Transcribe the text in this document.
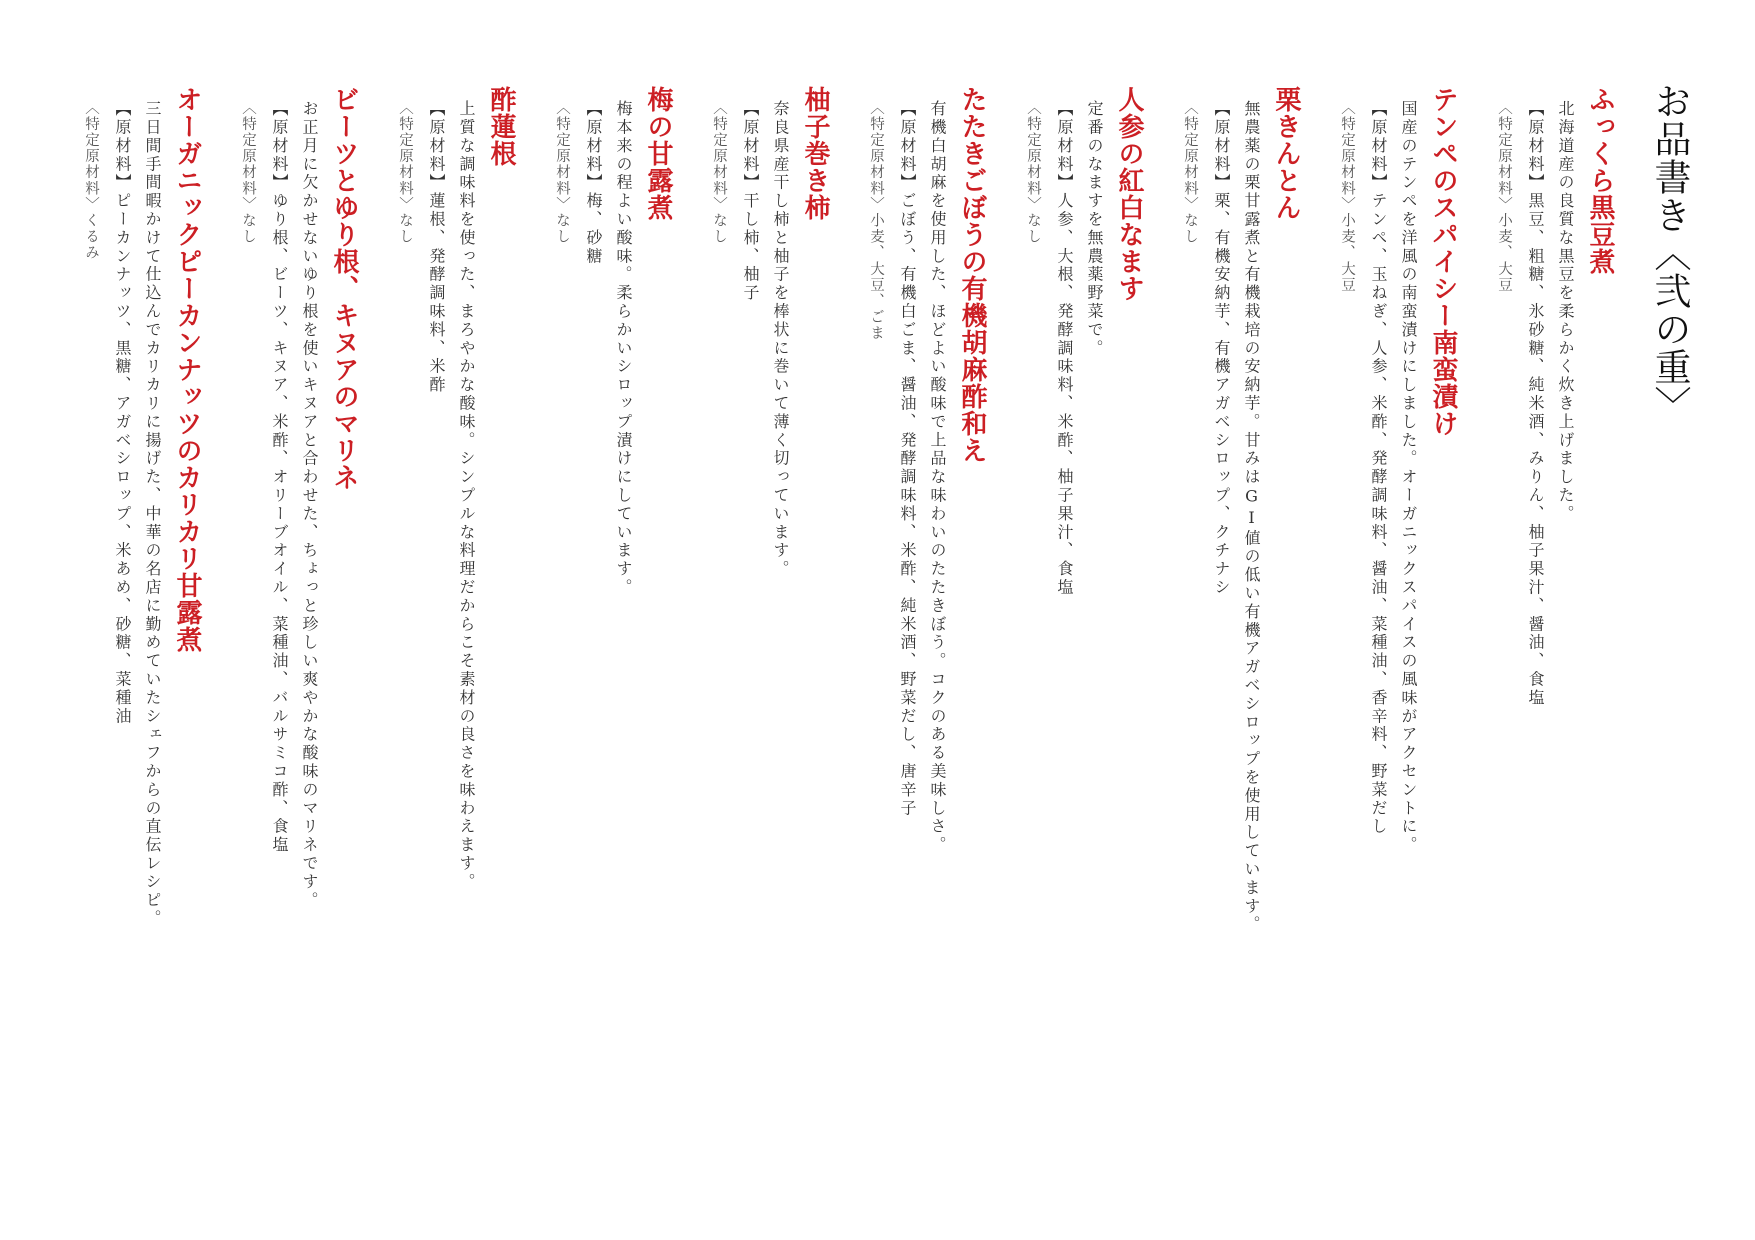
お品書き〈弐の重〉
ふっくら黒豆煮
北海道産の良質な黒豆を柔らかく炊き上げました。
【原材料】黒豆、粗糖、氷砂糖、純米酒、みりん、柚子果汁、醤油、食塩
〈特定原材料〉小麦、大豆
テンペのスパイシー南蛮漬け
国産のテンペを洋風の南蛮漬けにしました。オーガニックスパイスの風味がアクセントに。
【原材料】テンペ、玉ねぎ、人参、米酢、発酵調味料、醤油、菜種油、香辛料、野菜だし
〈特定原材料〉小麦、大豆
栗きんとん
無農薬の栗甘露煮と有機栽培の安納芋。甘みはGI値の低い有機アガベシロップを使用しています。
【原材料】栗、有機安納芋、有機アガベシロップ、クチナシ
〈特定原材料〉なし
人参の紅白なます
定番のなますを無農薬野菜で。
【原材料】人参、大根、発酵調味料、米酢、柚子果汁、食塩
〈特定原材料〉なし
たたきごぼうの有機胡麻酢和え
有機白胡麻を使用した、ほどよい酸味で上品な味わいのたたきぼう。コクのある美味しさ。
【原材料】ごぼう、有機白ごま、醤油、発酵調味料、米酢、純米酒、野菜だし、唐辛子
〈特定原材料〉小麦、大豆、ごま
柚子巻き柿
奈良県産干し柿と柚子を棒状に巻いて薄く切っています。
【原材料】干し柿、柚子
〈特定原材料〉なし
梅の甘露煮
梅本来の程よい酸味。柔らかいシロップ漬けにしています。
【原材料】梅、砂糖
〈特定原材料〉なし
酢蓮根
上質な調味料を使った、まろやかな酸味。シンプルな料理だからこそ素材の良さを味わえます。
【原材料】蓮根、発酵調味料、米酢
〈特定原材料〉なし
ビーツとゆり根、キヌアのマリネ
お正月に欠かせないゆり根を使いキヌアと合わせた、ちょっと珍しい爽やかな酸味のマリネです。
【原材料】ゆり根、ビーツ、キヌア、米酢、オリーブオイル、菜種油、バルサミコ酢、食塩
〈特定原材料〉なし
オーガニックピーカンナッツのカリカリ甘露煮
三日間手間暇かけて仕込んでカリカリに揚げた、中華の名店に勤めていたシェフからの直伝レシピ。
【原材料】ピーカンナッツ、黒糖、アガベシロップ、米あめ、砂糖、菜種油
〈特定原材料〉くるみ
